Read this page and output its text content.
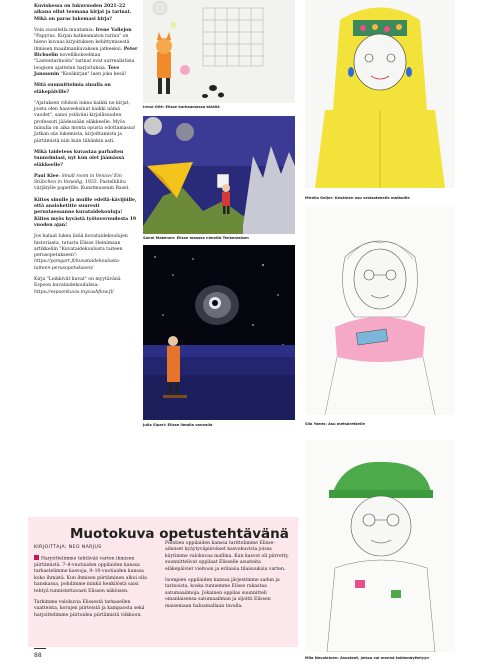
Kuviskessa on lukuvuoden 2021–22 aikana ollut teemana kirjat ja tarinat. Mikä on paras lukemasi kirja?

Voin suositella muutamia: Irene Vallejon "Papyrus. Kirjan katkeamaton tarina" on hieno kuvaus kirjoituksen kehittymisestä ihmisen maailmankuvaksen jatkeeksi. Peter Bichselin novellikokoelman "Lastentarinoita" tarinat ovat surrealistisia loogisen ajattelun harjoituksia. Tove Janssonin "Kesäkirjan" luen joka kesä!

Mitä suunnittelmia sinulla on eläkepäiville?

"Ajatuksen vihdoin lukea kaikki ne kirjat, joista olen haaveeksinut kaikki nämä vuodet", sanoi ystäväni kirjallisuuden professori jäädessään eläkkeelle. Myös minulla on aika monta opusta odottamassa! Jatkan siis lukemista, kirjoittamista ja piirtämistä niin kuin tähänkin asti.

Mikä taideteos kuvastaa parhaiten tunnelmiasi, nyt kun olet jäämässä eläkkeelle?

Paul Klee: Small room in Venice/ Ein Stübchen in Venedig, 1933. Pastelliliitu värjätylle paperille. Kunstmuseum Basel.

Kiitos sinulle ja muille edellä-kävijöille, että ansiohetitte suuresti perustaessanne kuvataidekouluja! Kiitos myös hyvästä työtoveruudesta 19 vuoden ajan!

Jos haluat lukea lisää kuvataidekoulujen historiasta, tutustu Elisse Heinimaan artikkeliin "Kuvataidekoulusta taiteen perusopetukseen": https://yamgart.fi/kuvataidekoulusta-taiteen-perusopetukseen/

Kirja "Leikkivät kuvat" on myytävänä Espoon kuvataidekoululssa: https://espoonkuvis.mycashflow.fi/

Irene Ollé: Elisse kurkaamassa tähtiiä
Sanni Makenen: Elisse maassa nimeltä Tenkemaisen
Julia Sipari: Elisse ilmalla vannalla
Mirella Geijer: Kesäinen asu vesisateeelle matkoille
Siia Yaees: Asu metsäretkelle
Mila Nevalainen: Asusteet, joissa voi mennä taidemäyttelyyn
Muotokuva opetustehtävänä
KIRJOITTAJA: NEO NARJUS

Harjoittelimme tehtävää varten ihmisen piirtämistä. 7–8-vuotiaiden oppilaiden kanssa tarkastelimme kasvoja, 9–10-vuotiaiden kanssa koko ihmistä. Kun ihmisen piirtäminen alkoi olla hanskassa, pohdimme minkä henkilöstä saisi tehtyä tunnistettavasti Elissen näköisen.

Tarkimme valokuvia Elissestä tarkasellen vaatteista, korujen piirteistä ja kampaosta sekä harjoittelimme piirtoidea piirtämistä viikkoon.

Pientien oppilaiden kanssa tarittelimme Elisse-aiheiset kyäytyväpiirokset kasvokuvista joissa käytimme valokuvaa mallina. Kun kasvot oli piirretty, suunnittelivat oppilaat Elisselle asusteita eläkepäivier vieltoon ja erilaisia tilaisuuksia varten.

Isompien oppilaiden kanssa järjestimme sadun ja tarinoista, koska tunnemme Elisse rakastaa satumaailmoja. Jokainen oppilas suunnitteli omanlaisensa satumaailman ja sijoitti Elissen maisemaan haluamallaan tavalla.

88
